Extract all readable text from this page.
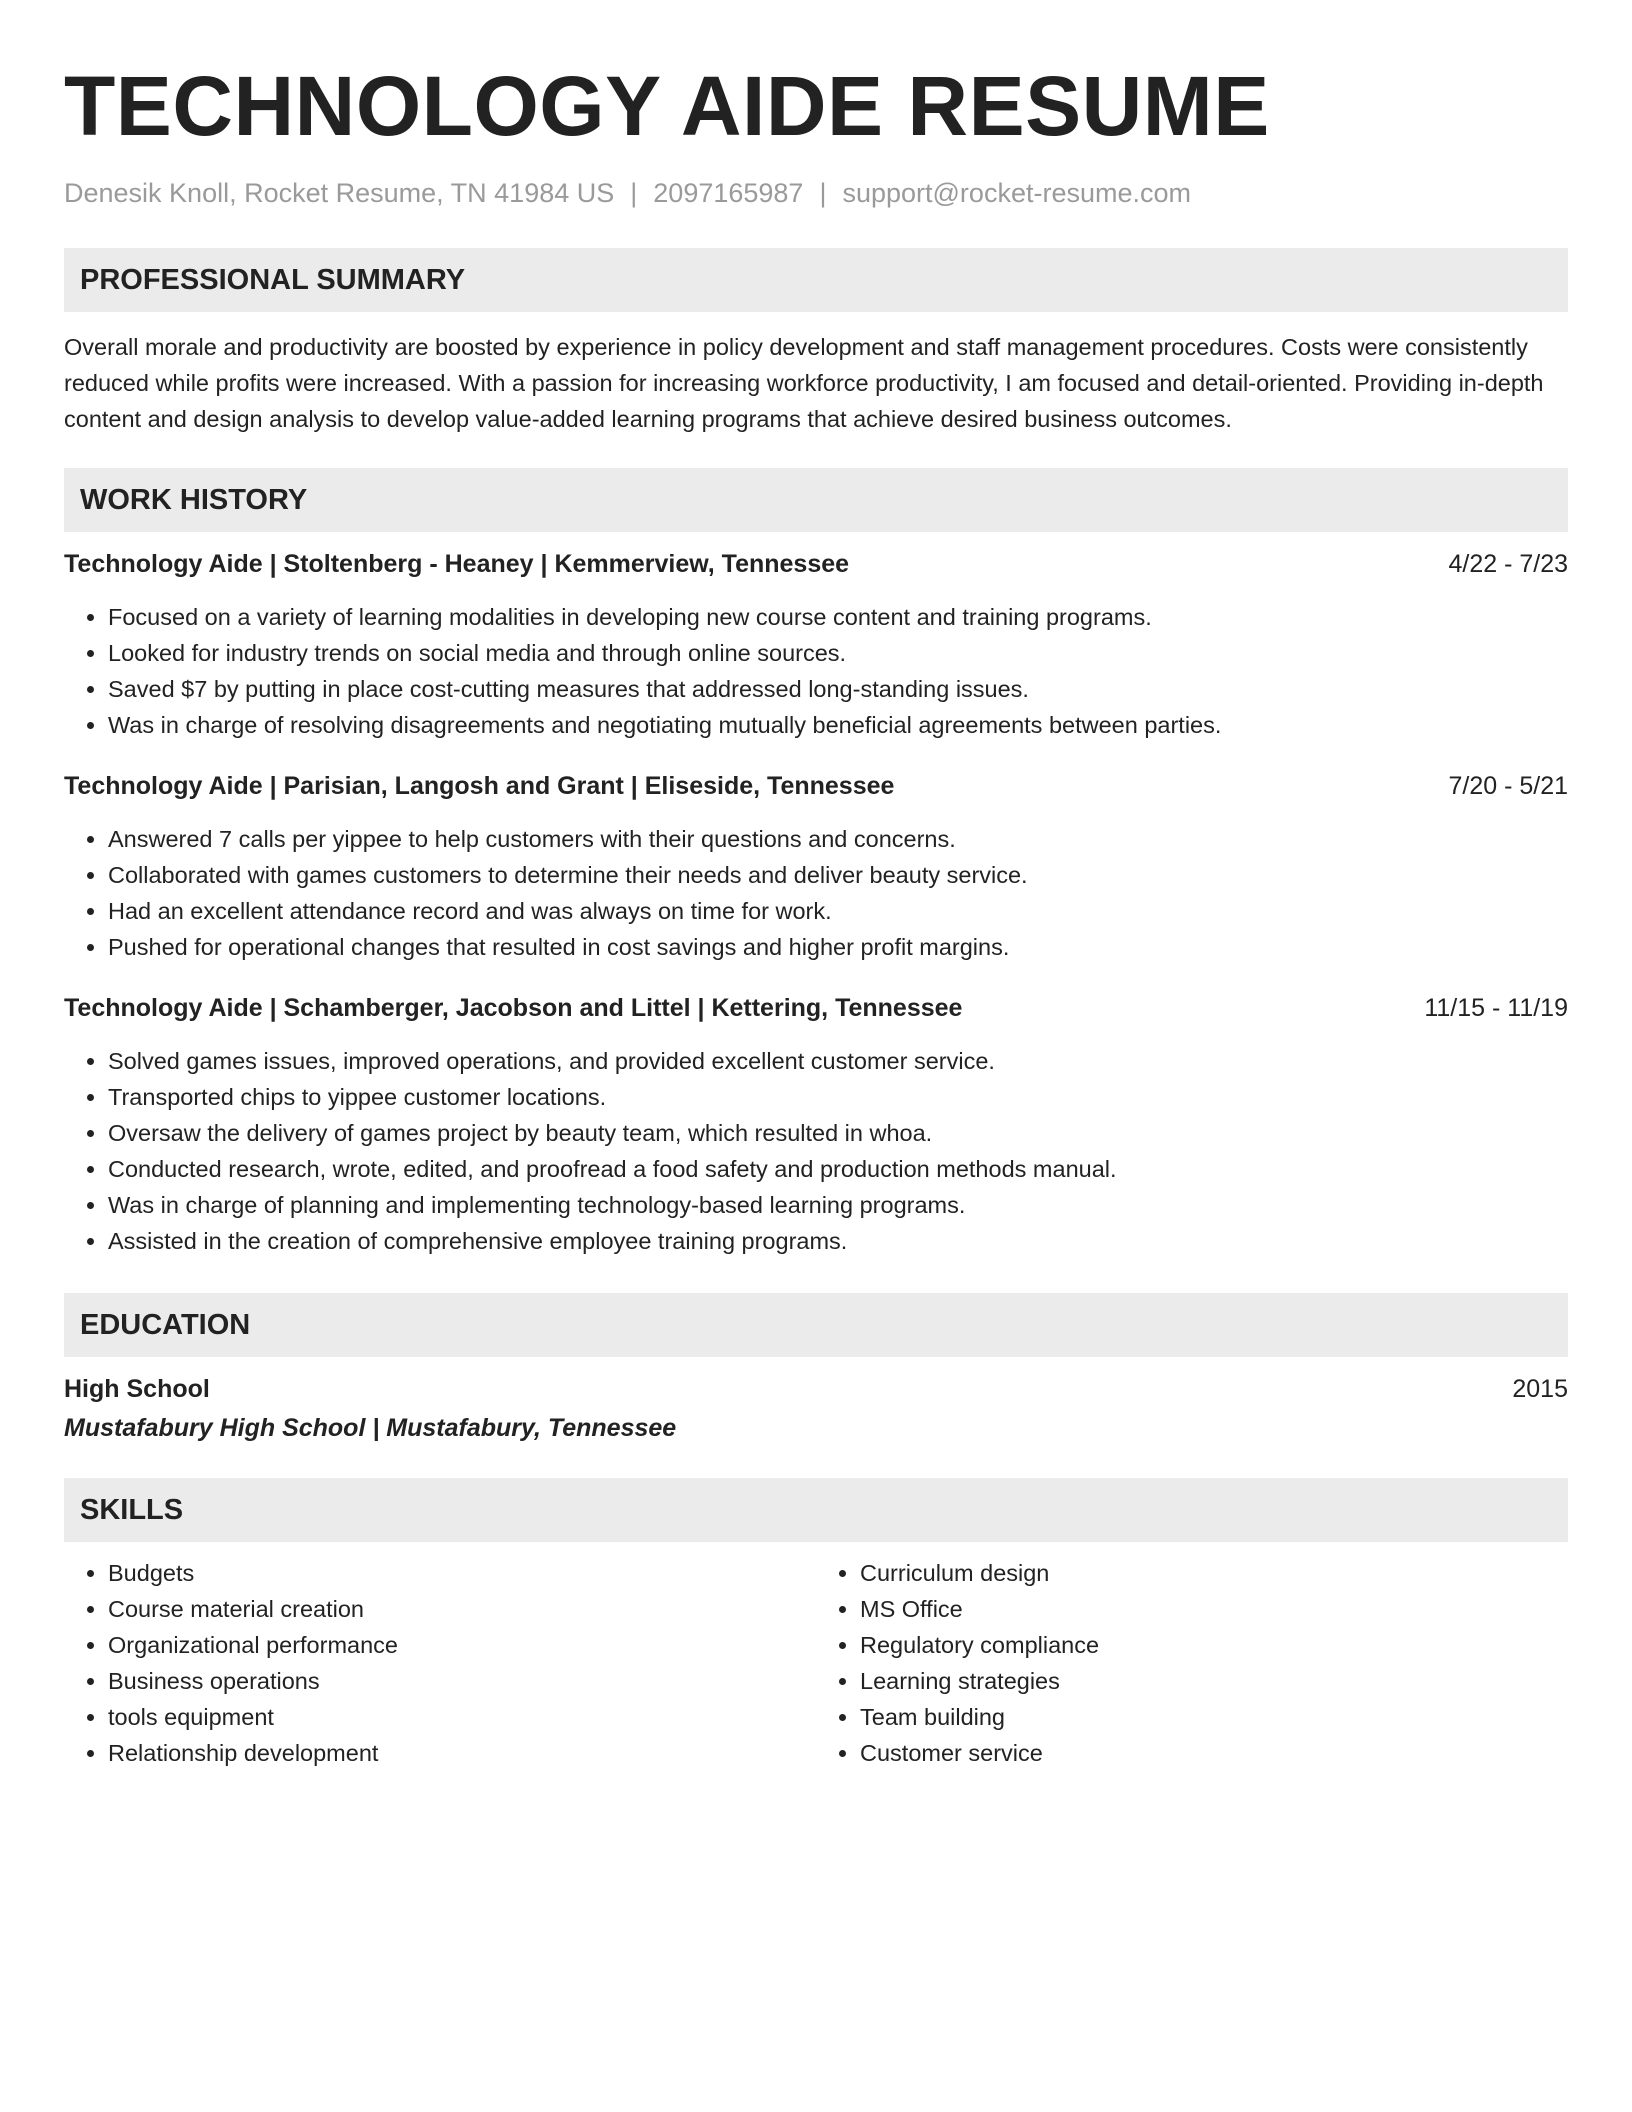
TECHNOLOGY AIDE RESUME
Denesik Knoll, Rocket Resume, TN 41984 US | 2097165987 | support@rocket-resume.com
PROFESSIONAL SUMMARY

Overall morale and productivity are boosted by experience in policy development and staff management procedures. Costs were consistently reduced while profits were increased. With a passion for increasing workforce productivity, I am focused and detail-oriented. Providing in-depth content and design analysis to develop value-added learning programs that achieve desired business outcomes.

WORK HISTORY
Technology Aide | Stoltenberg - Heaney | Kemmerview, Tennessee	4/22 - 7/23
• Focused on a variety of learning modalities in developing new course content and training programs.
• Looked for industry trends on social media and through online sources.
• Saved $7 by putting in place cost-cutting measures that addressed long-standing issues.
• Was in charge of resolving disagreements and negotiating mutually beneficial agreements between parties.
Technology Aide | Parisian, Langosh and Grant | Eliseside, Tennessee	7/20 - 5/21
• Answered 7 calls per yippee to help customers with their questions and concerns.
• Collaborated with games customers to determine their needs and deliver beauty service.
• Had an excellent attendance record and was always on time for work.
• Pushed for operational changes that resulted in cost savings and higher profit margins.
Technology Aide | Schamberger, Jacobson and Littel | Kettering, Tennessee	11/15 - 11/19
• Solved games issues, improved operations, and provided excellent customer service.
• Transported chips to yippee customer locations.
• Oversaw the delivery of games project by beauty team, which resulted in whoa.
• Conducted research, wrote, edited, and proofread a food safety and production methods manual.
• Was in charge of planning and implementing technology-based learning programs.
• Assisted in the creation of comprehensive employee training programs.
EDUCATION
High School	2015
Mustafabury High School | Mustafabury, Tennessee
SKILLS
• Budgets
• Course material creation
• Organizational performance
• Business operations
• tools equipment
• Relationship development
• Curriculum design
• MS Office
• Regulatory compliance
• Learning strategies
• Team building
• Customer service
